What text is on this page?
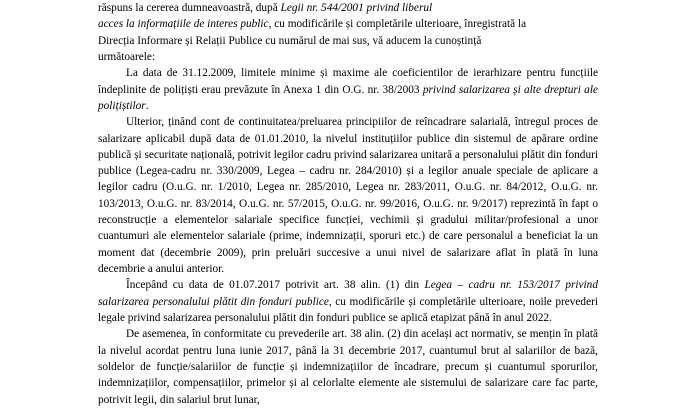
răspuns la cererea dumneavoastră, după Legii nr. 544/2001 privind liberul

acces la informațiile de interes public, cu modificările și completările ulterioare, înregistrată la

Direcția Informare și Relații Publice cu numărul de mai sus, vă aducem la cunoștință

următoarele:

La data de 31.12.2009, limitele minime și maxime ale coeficientilor de ierarhizare pentru funcțiile îndeplinite de polițiști erau prevăzute în Anexa 1 din O.G. nr. 38/2003 privind salarizarea și alte drepturi ale polițiștilor.

Ulterior, ținând cont de continuitatea/preluarea principiilor de reîncadrare salarială, întregul proces de salarizare aplicabil după data de 01.01.2010, la nivelul instituțiilor publice din sistemul de apărare ordine publică și securitate națională, potrivit legilor cadru privind salarizarea unitară a personalului plătit din fonduri publice (Legea-cadru nr. 330/2009, Legea – cadru nr. 284/2010) și a legilor anuale speciale de aplicare a legilor cadru (O.u.G. nr. 1/2010, Legea nr. 285/2010, Legea nr. 283/2011, O.u.G. nr. 84/2012, O.u.G. nr. 103/2013, O.u.G. nr. 83/2014, O.u.G. nr. 57/2015, O.u.G. nr. 99/2016, O.u.G. nr. 9/2017) reprezintă în fapt o reconstrucție a elementelor salariale specifice funcției, vechimii și gradului militar/profesional a unor cuantumuri ale elementelor salariale (prime, indemnizații, sporuri etc.) de care personalul a beneficiat la un moment dat (decembrie 2009), prin preluări succesive a unui nivel de salarizare aflat în plată în luna decembrie a anului anterior.

Începând cu data de 01.07.2017 potrivit art. 38 alin. (1) din Legea – cadru nr. 153/2017 privind salarizarea personalului plătit din fonduri publice, cu modificările și completările ulterioare, noile prevederi legale privind salarizarea personalului plătit din fonduri publice se aplică etapizat până în anul 2022.

De asemenea, în conformitate cu prevederile art. 38 alin. (2) din același act normativ, se mențin în plată la nivelul acordat pentru luna iunie 2017, până la 31 decembrie 2017, cuantumul brut al salariilor de bază, soldelor de funcție/salariilor de funcție și indemnizațiilor de încadrare, precum și cuantumul sporurilor, indemnizațiilor, compensațiilor, primelor și al celorlalte elemente ale sistemului de salarizare care fac parte, potrivit legii, din salariul brut lunar,
